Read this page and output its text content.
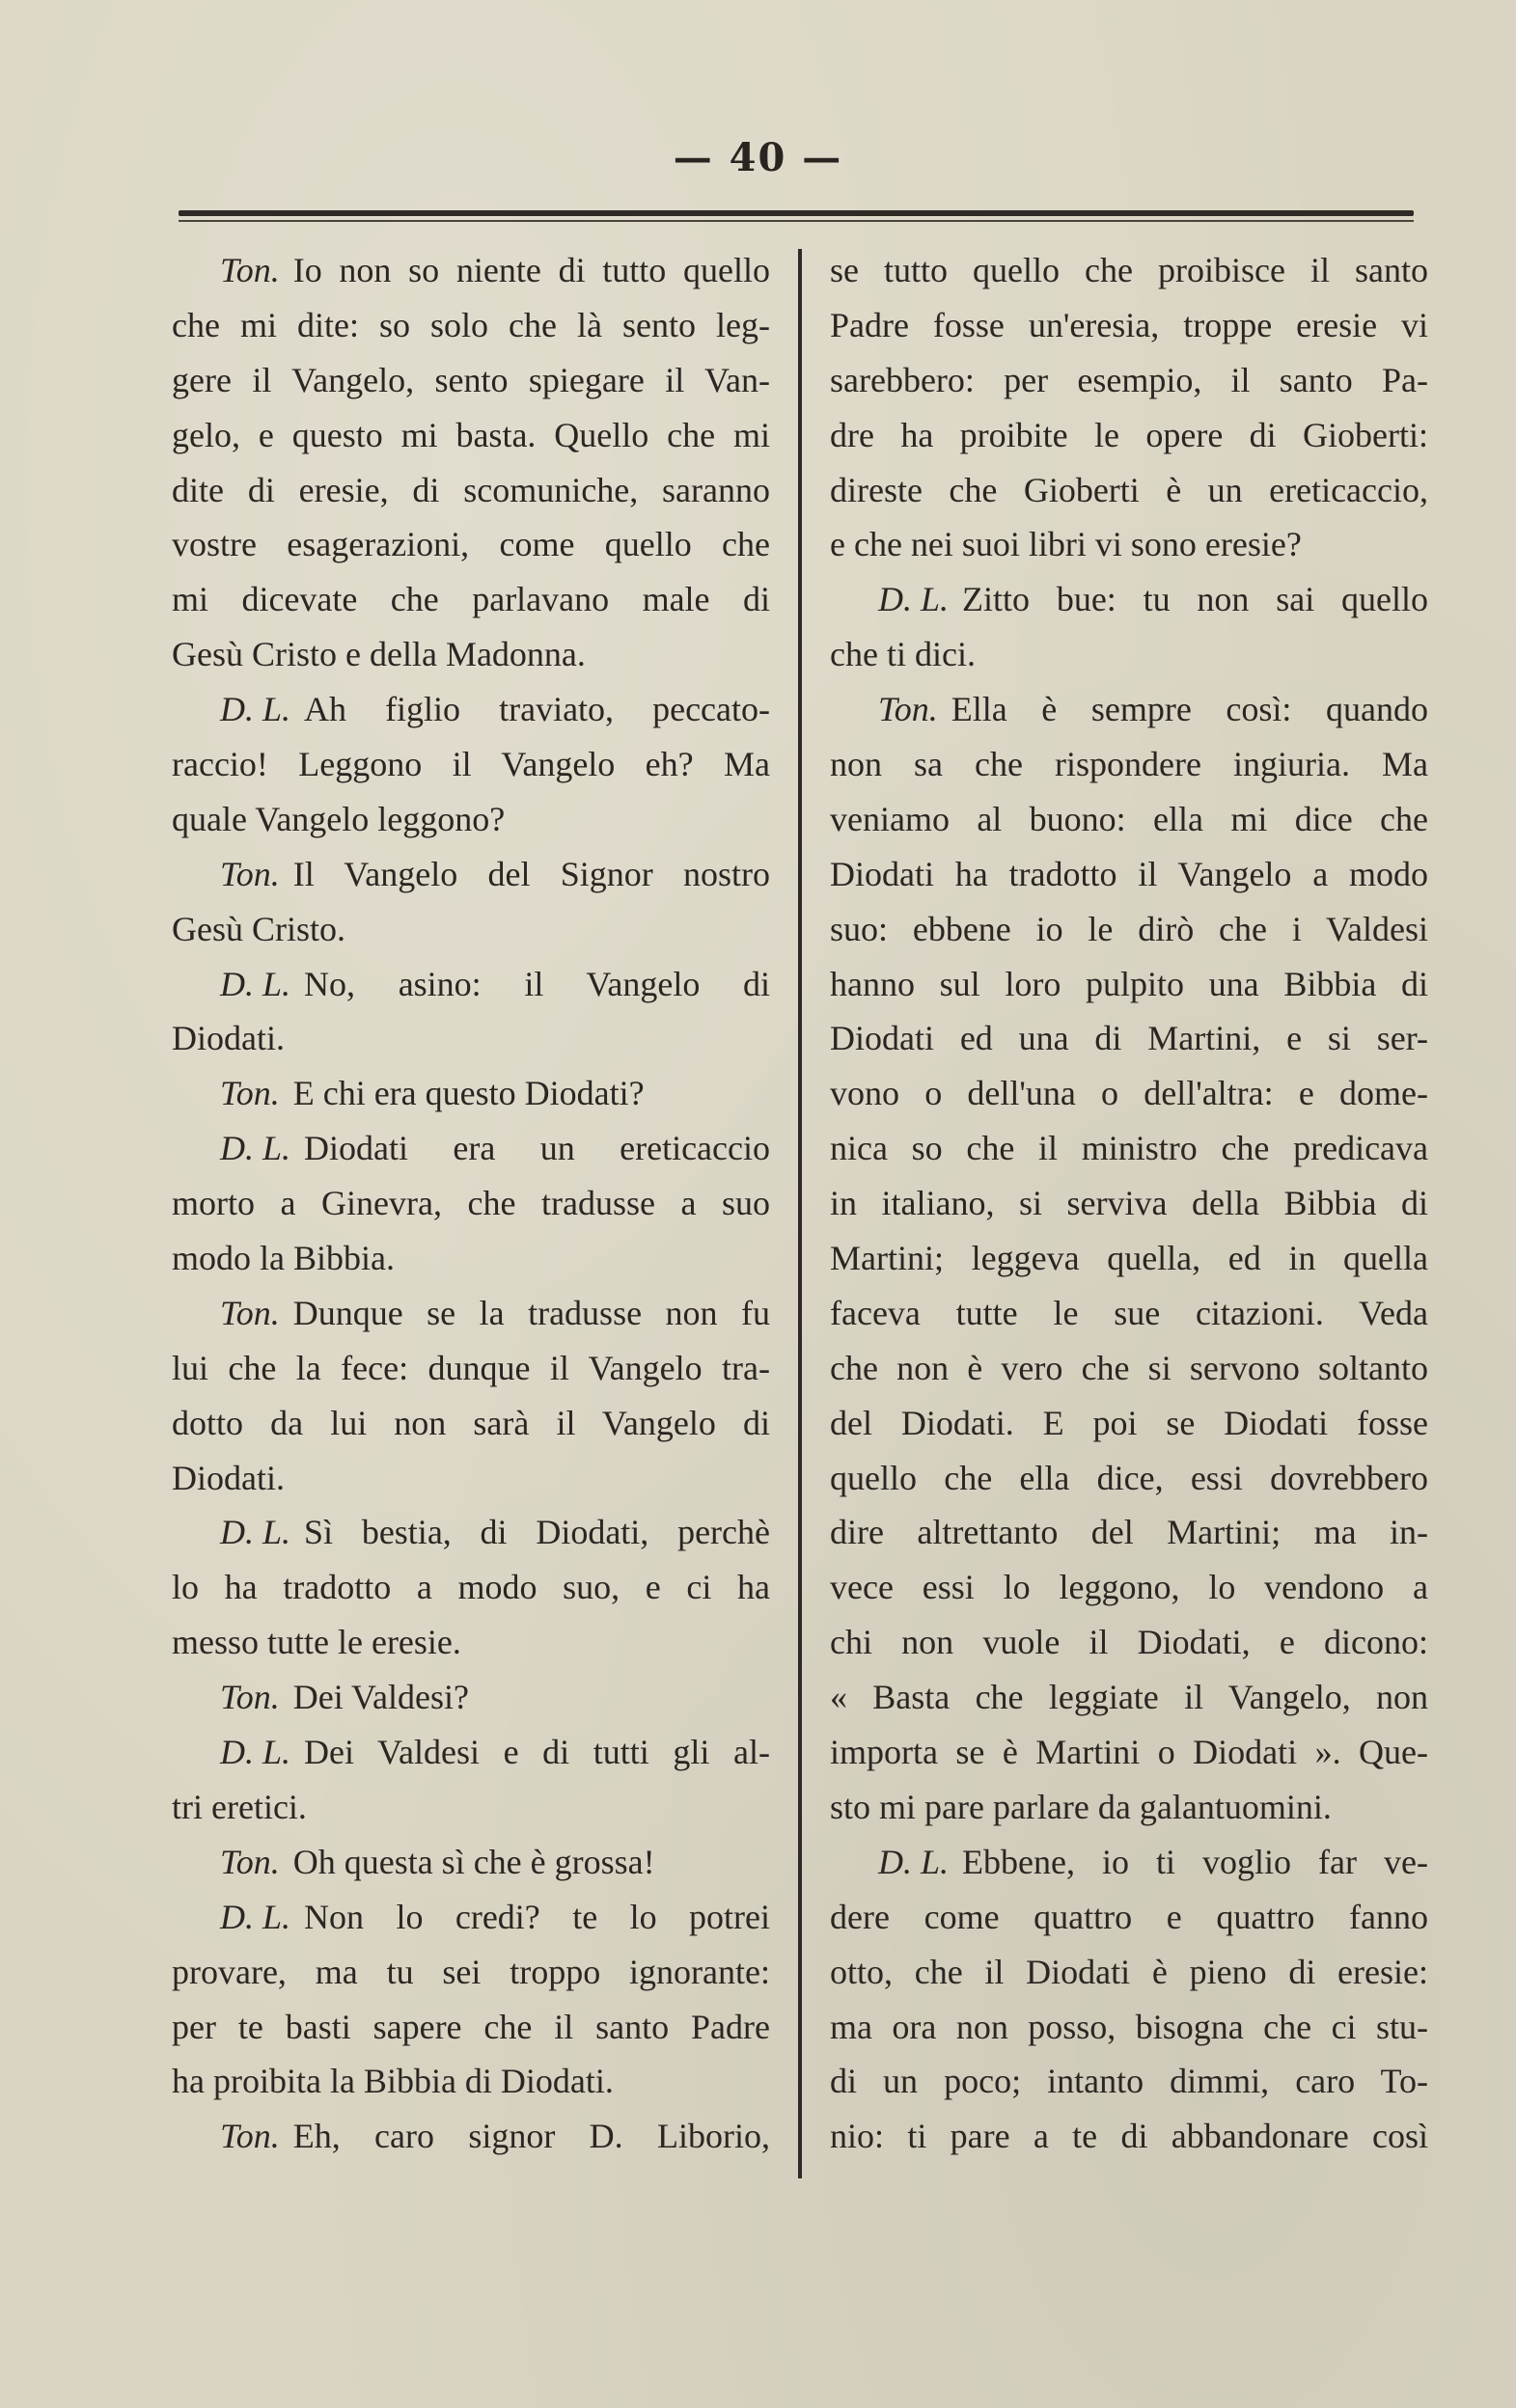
— 40 —
Ton. Io non so niente di tutto quello
che mi dite: so solo che là sento leg-
gere il Vangelo, sento spiegare il Van-
gelo, e questo mi basta. Quello che mi
dite di eresie, di scomuniche, saranno
vostre esagerazioni, come quello che
mi dicevate che parlavano male di
Gesù Cristo e della Madonna.
D. L. Ah figlio traviato, peccato-
raccio! Leggono il Vangelo eh? Ma
quale Vangelo leggono?
Ton. Il Vangelo del Signor nostro
Gesù Cristo.
D. L. No, asino: il Vangelo di
Diodati.
Ton. E chi era questo Diodati?
D. L. Diodati era un ereticaccio
morto a Ginevra, che tradusse a suo
modo la Bibbia.
Ton. Dunque se la tradusse non fu
lui che la fece: dunque il Vangelo tra-
dotto da lui non sarà il Vangelo di
Diodati.
D. L. Sì bestia, di Diodati, perchè
lo ha tradotto a modo suo, e ci ha
messo tutte le eresie.
Ton. Dei Valdesi?
D. L. Dei Valdesi e di tutti gli al-
tri eretici.
Ton. Oh questa sì che è grossa!
D. L. Non lo credi? te lo potrei
provare, ma tu sei troppo ignorante:
per te basti sapere che il santo Padre
ha proibita la Bibbia di Diodati.
Ton. Eh, caro signor D. Liborio,
se tutto quello che proibisce il santo
Padre fosse un'eresia, troppe eresie vi
sarebbero: per esempio, il santo Pa-
dre ha proibite le opere di Gioberti:
direste che Gioberti è un ereticaccio,
e che nei suoi libri vi sono eresie?
D. L. Zitto bue: tu non sai quello
che ti dici.
Ton. Ella è sempre così: quando
non sa che rispondere ingiuria. Ma
veniamo al buono: ella mi dice che
Diodati ha tradotto il Vangelo a modo
suo: ebbene io le dirò che i Valdesi
hanno sul loro pulpito una Bibbia di
Diodati ed una di Martini, e si ser-
vono o dell'una o dell'altra: e dome-
nica so che il ministro che predicava
in italiano, si serviva della Bibbia di
Martini; leggeva quella, ed in quella
faceva tutte le sue citazioni. Veda
che non è vero che si servono soltanto
del Diodati. E poi se Diodati fosse
quello che ella dice, essi dovrebbero
dire altrettanto del Martini; ma in-
vece essi lo leggono, lo vendono a
chi non vuole il Diodati, e dicono:
« Basta che leggiate il Vangelo, non
importa se è Martini o Diodati ». Que-
sto mi pare parlare da galantuomini.
D. L. Ebbene, io ti voglio far ve-
dere come quattro e quattro fanno
otto, che il Diodati è pieno di eresie:
ma ora non posso, bisogna che ci stu-
di un poco; intanto dimmi, caro To-
nio: ti pare a te di abbandonare così
